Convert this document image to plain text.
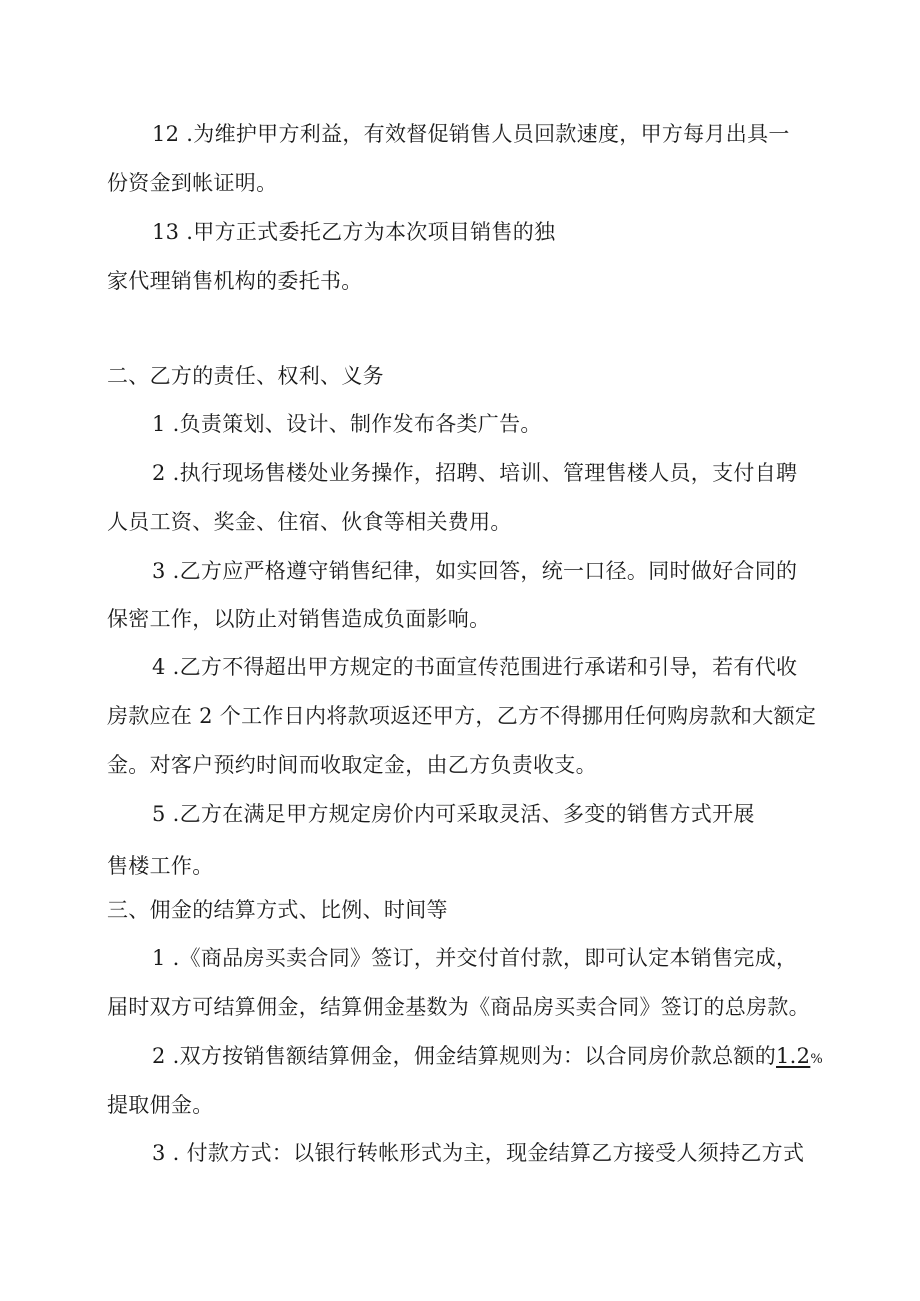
12 .为维护甲方利益，有效督促销售人员回款速度，甲方每月出具一
份资金到帐证明。
13 .甲方正式委托乙方为本次项目销售的独
家代理销售机构的委托书。
二、乙方的责任、权利、义务
1 .负责策划、设计、制作发布各类广告。
2 .执行现场售楼处业务操作，招聘、培训、管理售楼人员，支付自聘
人员工资、奖金、住宿、伙食等相关费用。
3 .乙方应严格遵守销售纪律，如实回答，统一口径。同时做好合同的
保密工作，以防止对销售造成负面影响。
4 .乙方不得超出甲方规定的书面宣传范围进行承诺和引导，若有代收
房款应在 2 个工作日内将款项返还甲方，乙方不得挪用任何购房款和大额定
金。对客户预约时间而收取定金，由乙方负责收支。
5 .乙方在满足甲方规定房价内可采取灵活、多变的销售方式开展
售楼工作。
三、佣金的结算方式、比例、时间等
1 .《商品房买卖合同》签订，并交付首付款，即可认定本销售完成，
届时双方可结算佣金，结算佣金基数为《商品房买卖合同》签订的总房款。
2 .双方按销售额结算佣金，佣金结算规则为：以合同房价款总额的1.2%
提取佣金。
3 . 付款方式：以银行转帐形式为主，现金结算乙方接受人须持乙方式
